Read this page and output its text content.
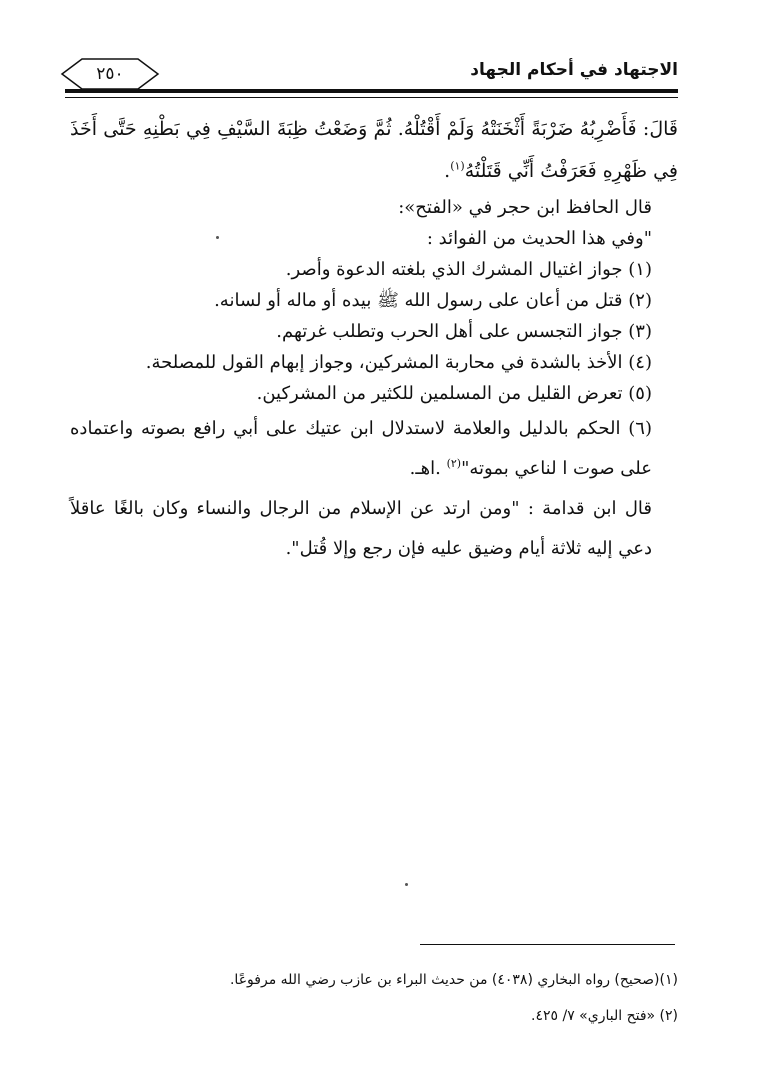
الاجتهاد في أحكام الجهاد
٢٥٠

قَالَ: فَأَضْرِبُهُ ضَرْبَةً أَثْخَنَتْهُ وَلَمْ أَقْتُلْهُ. ثُمَّ وَضَعْتُ ظِبَةَ السَّيْفِ فِي بَطْنِهِ حَتَّى أَخَذَ فِي ظَهْرِهِ فَعَرَفْتُ أَنِّي قَتَلْتُهُ$^{(١)}$.

قال الحافظ ابن حجر في «الفتح»:

"وفي هذا الحديث من الفوائد :

(١) جواز اغتيال المشرك الذي بلغته الدعوة وأصر.

(٢) قتل من أعان على رسول الله ﷺ بيده أو ماله أو لسانه.

(٣) جواز التجسس على أهل الحرب وتطلب غرتهم.

(٤) الأخذ بالشدة في محاربة المشركين، وجواز إبهام القول للمصلحة.

(٥) تعرض القليل من المسلمين للكثير من المشركين.

(٦) الحكم بالدليل والعلامة لاستدلال ابن عتيك على أبي رافع بصوته واعتماده على صوت ا لناعي بموته"$^{(٢)}$ .اهـ.

قال ابن قدامة : "ومن ارتد عن الإسلام من الرجال والنساء وكان بالغًا عاقلاً دعي إليه ثلاثة أيام وضيق عليه فإن رجع وإلا قُتل".

(١)(صحيح) رواه البخاري (٤٠٣٨) من حديث البراء بن عازب رضي الله مرفوعًا.

(٢) «فتح الباري» ٧/ ٤٢٥.
